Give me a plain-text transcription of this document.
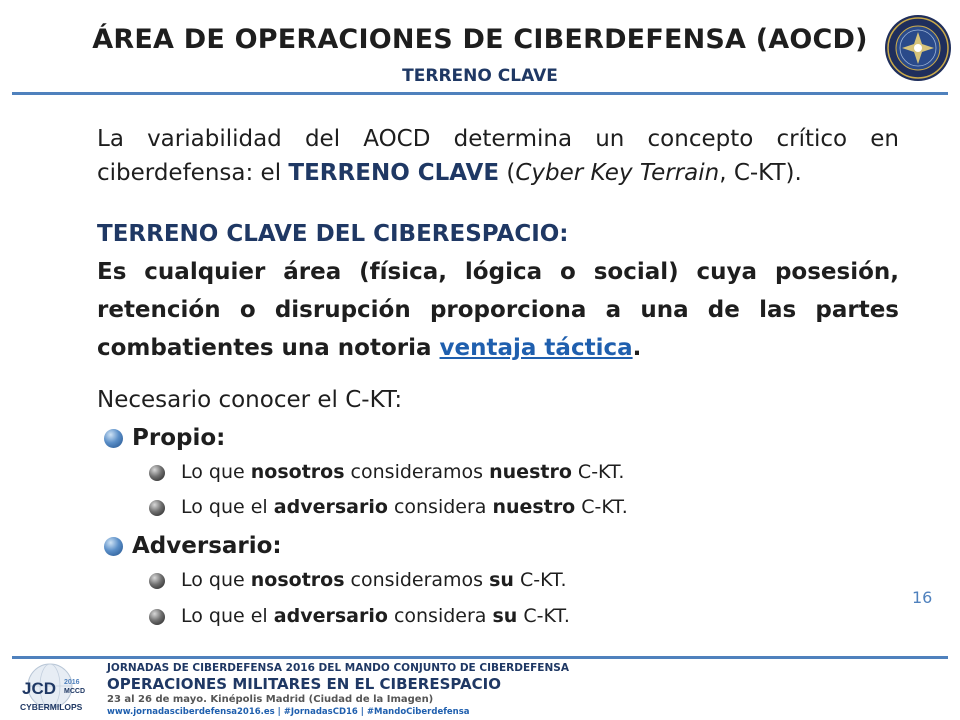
ÁREA DE OPERACIONES DE CIBERDEFENSA (AOCD)
TERRENO CLAVE
La variabilidad del AOCD determina un concepto crítico en ciberdefensa: el TERRENO CLAVE (Cyber Key Terrain, C-KT).
TERRENO CLAVE DEL CIBERESPACIO:
Es cualquier área (física, lógica o social) cuya posesión, retención o disrupción proporciona a una de las partes combatientes una notoria ventaja táctica.
Necesario conocer el C-KT:
Propio:
Lo que nosotros consideramos nuestro C-KT.
Lo que el adversario considera nuestro C-KT.
Adversario:
Lo que nosotros consideramos su C-KT.
Lo que el adversario considera su C-KT.
16
JCD 2016
MCCD
CYBERMILOPS
JORNADAS DE CIBERDEFENSA 2016 DEL MANDO CONJUNTO DE CIBERDEFENSA
OPERACIONES MILITARES EN EL CIBERESPACIO
23 al 26 de mayo. Kinépolis Madrid (Ciudad de la Imagen)
www.jornadasciberdefensa2016.es | #JornadasCD16 | #MandoCiberdefensa
